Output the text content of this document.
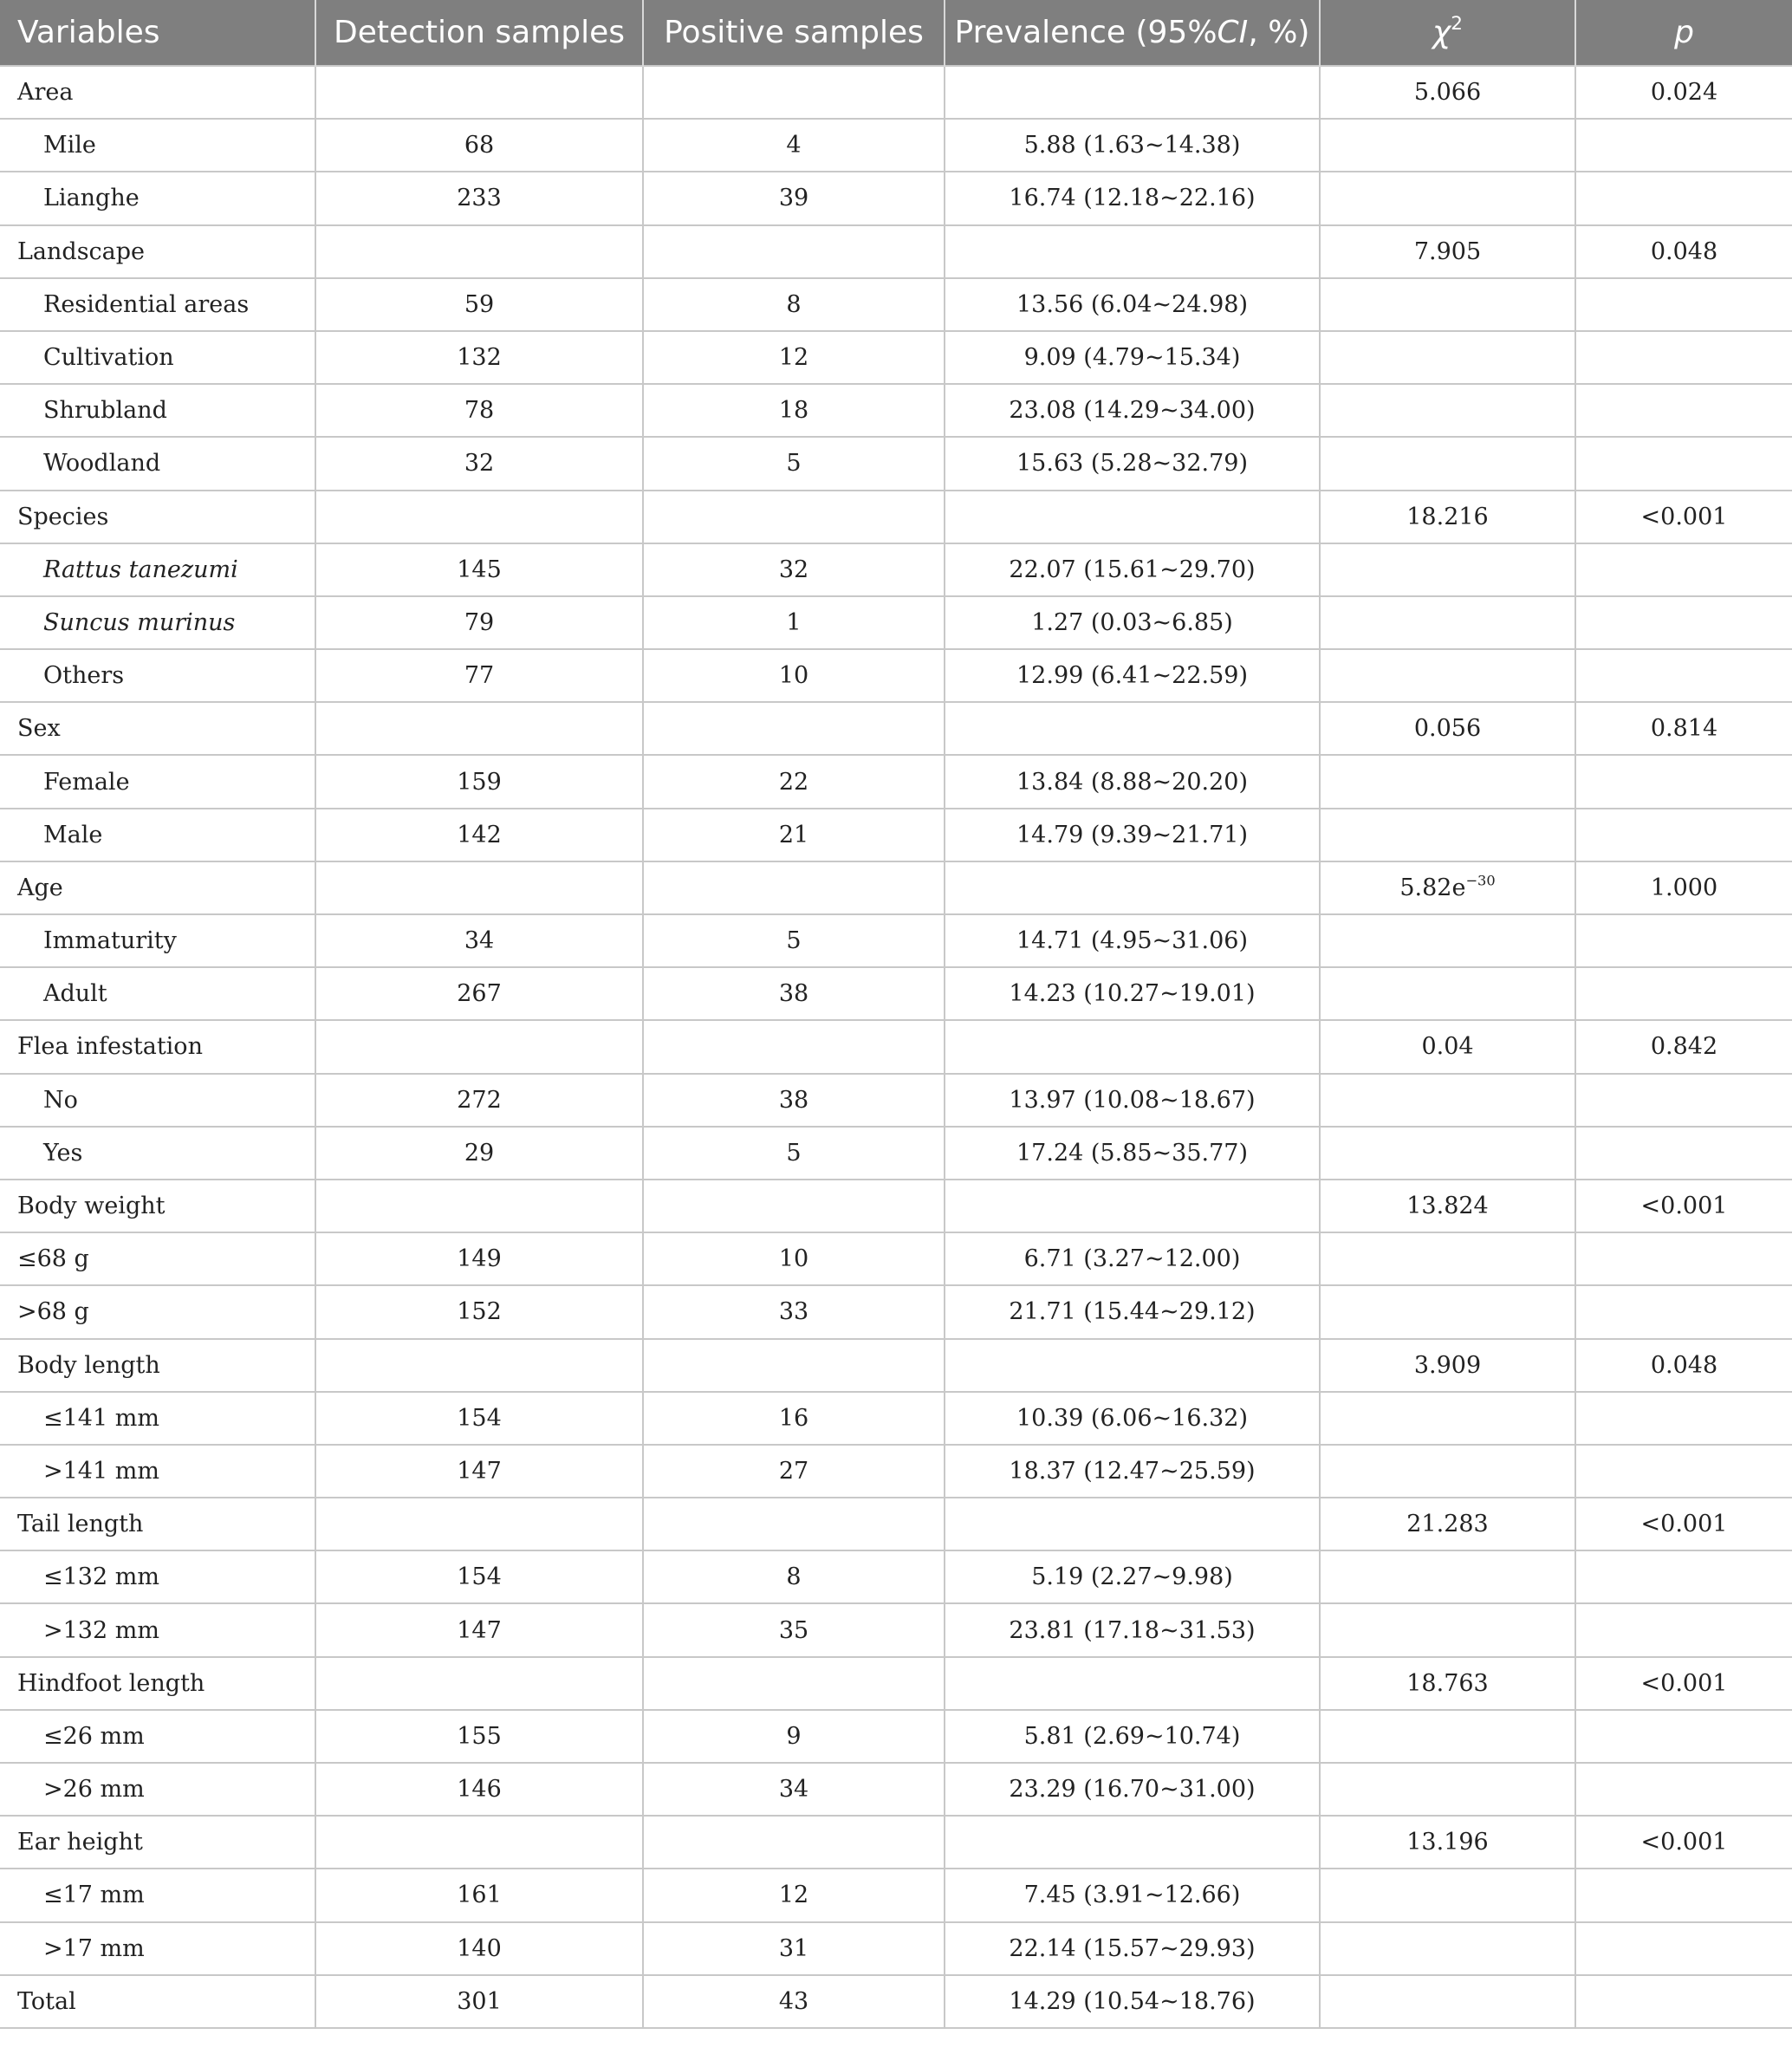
Variables	Detection samples	Positive samples	Prevalence (95%CI, %)	$\chi^2$	p
Area				5.066	0.024
Mile	68	4	5.88 (1.63~14.38)		
Lianghe	233	39	16.74 (12.18~22.16)		
Landscape				7.905	0.048
Residential areas	59	8	13.56 (6.04~24.98)		
Cultivation	132	12	9.09 (4.79~15.34)		
Shrubland	78	18	23.08 (14.29~34.00)		
Woodland	32	5	15.63 (5.28~32.79)		
Species				18.216	<0.001
Rattus tanezumi	145	32	22.07 (15.61~29.70)		
Suncus murinus	79	1	1.27 (0.03~6.85)		
Others	77	10	12.99 (6.41~22.59)		
Sex				0.056	0.814
Female	159	22	13.84 (8.88~20.20)		
Male	142	21	14.79 (9.39~21.71)		
Age				$5.82e^{-30}$	1.000
Immaturity	34	5	14.71 (4.95~31.06)		
Adult	267	38	14.23 (10.27~19.01)		
Flea infestation				0.04	0.842
No	272	38	13.97 (10.08~18.67)		
Yes	29	5	17.24 (5.85~35.77)		
Body weight				13.824	<0.001
≤68 g	149	10	6.71 (3.27~12.00)		
>68 g	152	33	21.71 (15.44~29.12)		
Body length				3.909	0.048
≤141 mm	154	16	10.39 (6.06~16.32)		
>141 mm	147	27	18.37 (12.47~25.59)		
Tail length				21.283	<0.001
≤132 mm	154	8	5.19 (2.27~9.98)		
>132 mm	147	35	23.81 (17.18~31.53)		
Hindfoot length				18.763	<0.001
≤26 mm	155	9	5.81 (2.69~10.74)		
>26 mm	146	34	23.29 (16.70~31.00)		
Ear height				13.196	<0.001
≤17 mm	161	12	7.45 (3.91~12.66)		
>17 mm	140	31	22.14 (15.57~29.93)		
Total	301	43	14.29 (10.54~18.76)		
